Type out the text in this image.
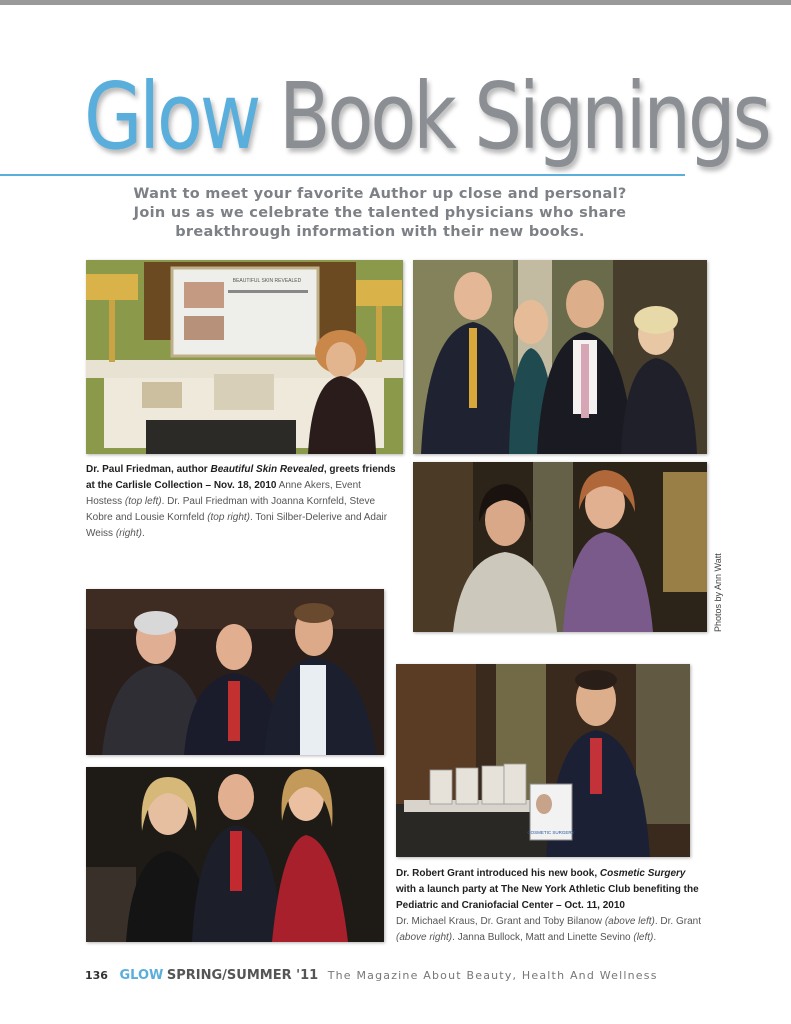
Glow Book Signings
Want to meet your favorite Author up close and personal?
Join us as we celebrate the talented physicians who share
breakthrough information with their new books.
BEAUTIFUL SKIN REVEALED
COSMETIC SURGERY
Dr. Paul Friedman, author Beautiful Skin Revealed, greets friends at the Carlisle Collection – Nov. 18, 2010 Anne Akers, Event Hostess (top left). Dr. Paul Friedman with Joanna Kornfeld, Steve Kobre and Lousie Kornfeld (top right). Toni Silber-Delerive and Adair Weiss (right).
Dr. Robert Grant introduced his new book, Cosmetic Surgery with a launch party at The New York Athletic Club benefiting the Pediatric and Craniofacial Center – Oct. 11, 2010
Dr. Michael Kraus, Dr. Grant and Toby Bilanow (above left). Dr. Grant (above right). Janna Bullock, Matt and Linette Sevino (left).
Photos by Ann Watt
136 GLOW SPRING/SUMMER '11 The Magazine About Beauty, Health And Wellness
